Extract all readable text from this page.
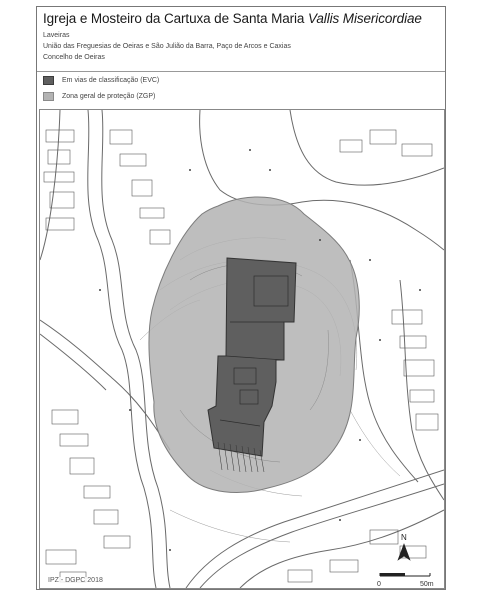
Igreja e Mosteiro da Cartuxa de Santa Maria Vallis Misericordiae
Laveiras
União das Freguesias de Oeiras e São Julião da Barra, Paço de Arcos e Caxias
Concelho de Oeiras
Em vias de classificação (EVC)
Zona geral de proteção (ZGP)
N
0	50m
IPZ - DGPC 2018
